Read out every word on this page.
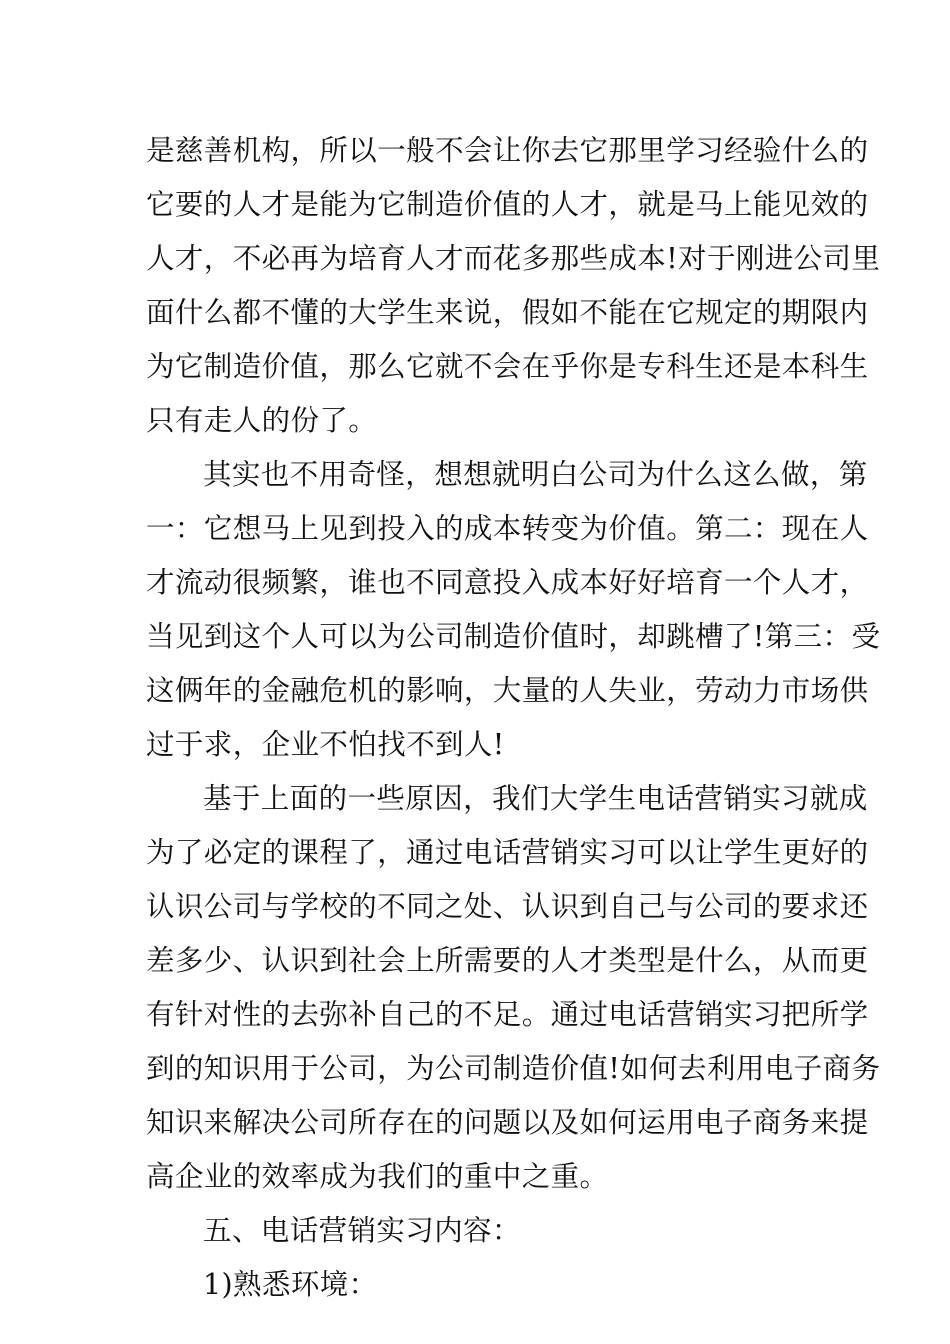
是慈善机构，所以一般不会让你去它那里学习经验什么的
它要的人才是能为它制造价值的人才，就是马上能见效的
人才，不必再为培育人才而花多那些成本!对于刚进公司里
面什么都不懂的大学生来说，假如不能在它规定的期限内
为它制造价值，那么它就不会在乎你是专科生还是本科生
只有走人的份了。
其实也不用奇怪，想想就明白公司为什么这么做，第
一：它想马上见到投入的成本转变为价值。第二：现在人
才流动很频繁，谁也不同意投入成本好好培育一个人才，
当见到这个人可以为公司制造价值时，却跳槽了!第三：受
这俩年的金融危机的影响，大量的人失业，劳动力市场供
过于求，企业不怕找不到人!
基于上面的一些原因，我们大学生电话营销实习就成
为了必定的课程了，通过电话营销实习可以让学生更好的
认识公司与学校的不同之处、认识到自己与公司的要求还
差多少、认识到社会上所需要的人才类型是什么，从而更
有针对性的去弥补自己的不足。通过电话营销实习把所学
到的知识用于公司，为公司制造价值!如何去利用电子商务
知识来解决公司所存在的问题以及如何运用电子商务来提
高企业的效率成为我们的重中之重。
五、电话营销实习内容：
1)熟悉环境：
